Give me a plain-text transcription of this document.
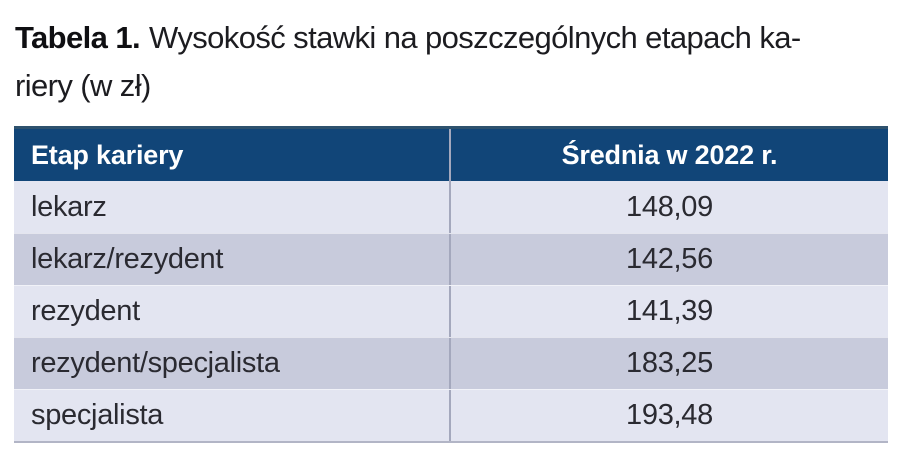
Tabela 1. Wysokość stawki na poszczególnych etapach ka-
riery (w zł)

Etap kariery	Średnia w 2022 r.
lekarz	148,09
lekarz/rezydent	142,56
rezydent	141,39
rezydent/specjalista	183,25
specjalista	193,48
